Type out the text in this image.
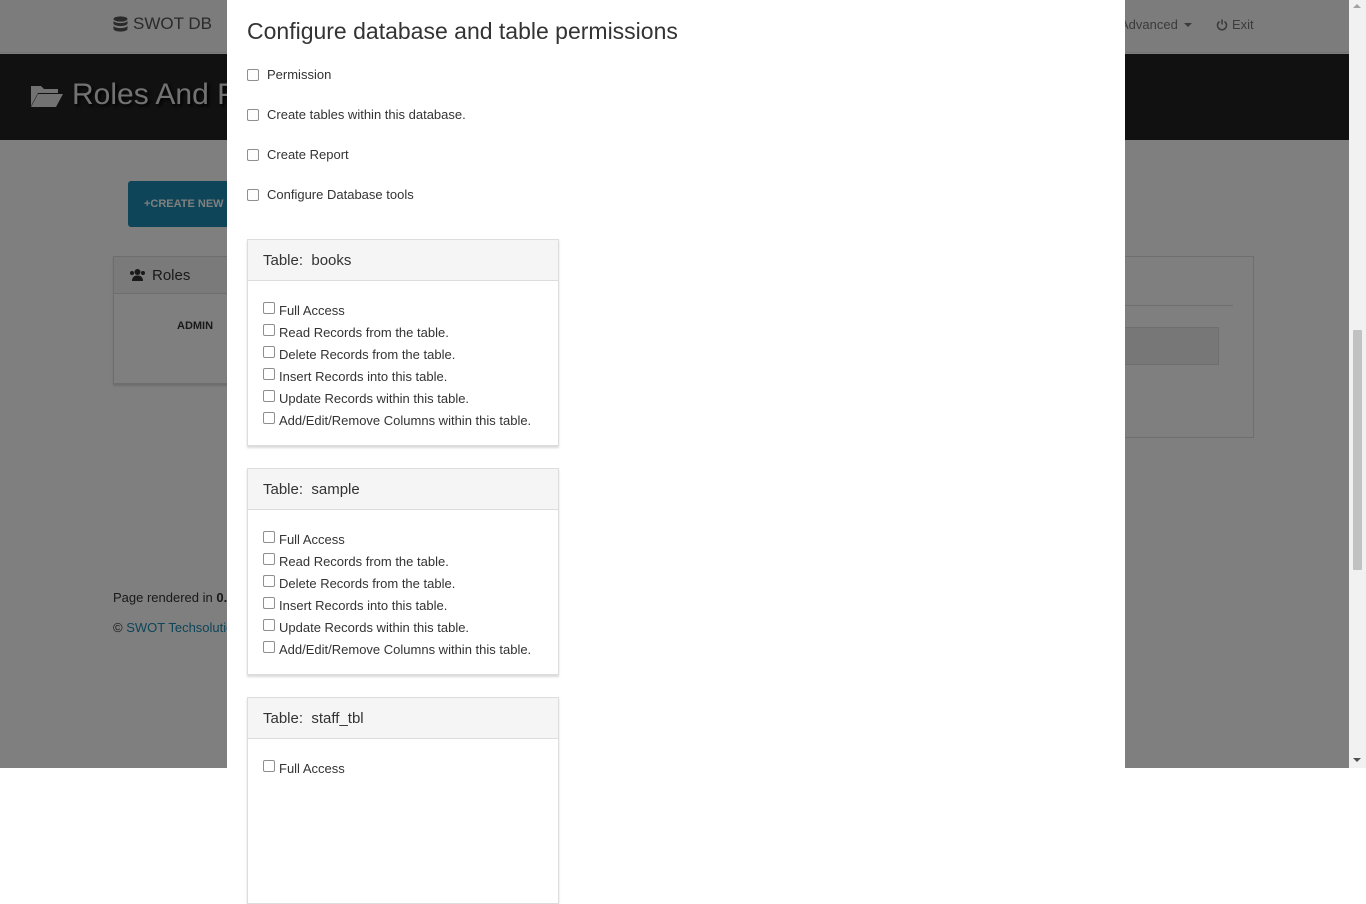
Configure database and table permissions
Permission
Create tables within this database.
Create Report
Configure Database tools
Table: books
Full Access
Read Records from the table.
Delete Records from the table.
Insert Records into this table.
Update Records within this table.
Add/Edit/Remove Columns within this table.
Table: sample
Full Access
Read Records from the table.
Delete Records from the table.
Insert Records into this table.
Update Records within this table.
Add/Edit/Remove Columns within this table.
Table: staff_tbl
Full Access
